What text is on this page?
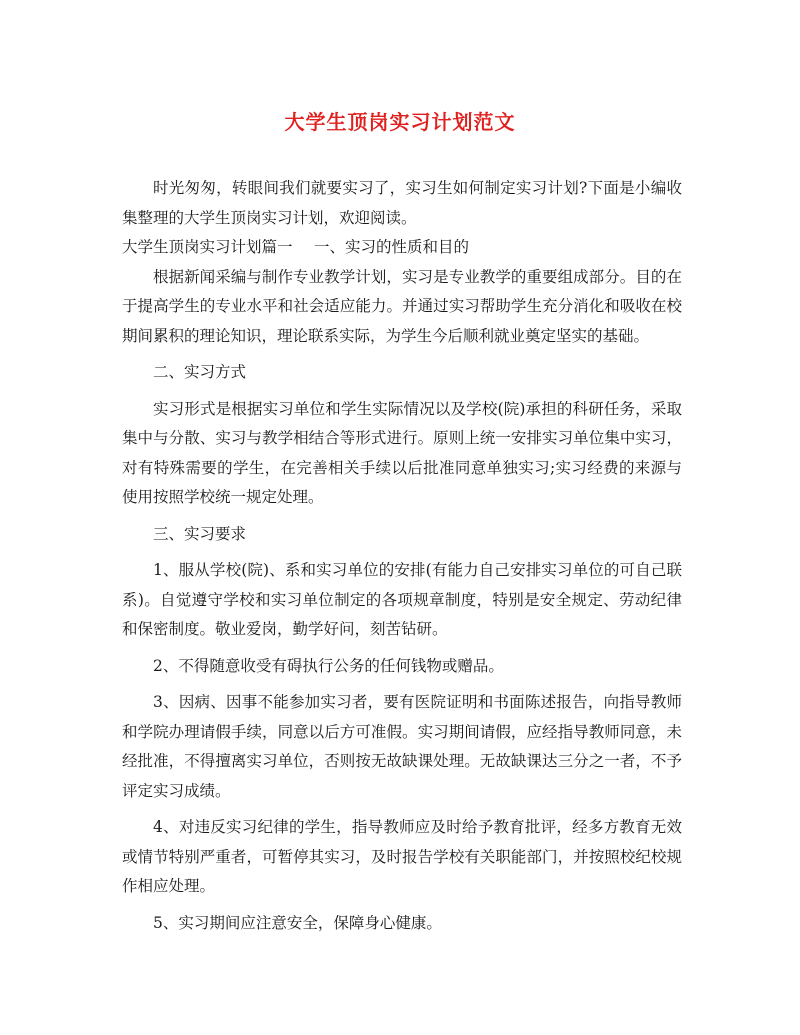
大学生顶岗实习计划范文

时光匆匆，转眼间我们就要实习了，实习生如何制定实习计划?下面是小编收集整理的大学生顶岗实习计划，欢迎阅读。

大学生顶岗实习计划篇一	一、实习的性质和目的

根据新闻采编与制作专业教学计划，实习是专业教学的重要组成部分。目的在于提高学生的专业水平和社会适应能力。并通过实习帮助学生充分消化和吸收在校期间累积的理论知识，理论联系实际，为学生今后顺利就业奠定坚实的基础。

二、实习方式

实习形式是根据实习单位和学生实际情况以及学校(院)承担的科研任务，采取集中与分散、实习与教学相结合等形式进行。原则上统一安排实习单位集中实习，对有特殊需要的学生，在完善相关手续以后批准同意单独实习;实习经费的来源与使用按照学校统一规定处理。

三、实习要求

1、服从学校(院)、系和实习单位的安排(有能力自己安排实习单位的可自己联系)。自觉遵守学校和实习单位制定的各项规章制度，特别是安全规定、劳动纪律和保密制度。敬业爱岗，勤学好问，刻苦钻研。

2、不得随意收受有碍执行公务的任何钱物或赠品。

3、因病、因事不能参加实习者，要有医院证明和书面陈述报告，向指导教师和学院办理请假手续，同意以后方可准假。实习期间请假，应经指导教师同意，未经批准，不得擅离实习单位，否则按无故缺课处理。无故缺课达三分之一者，不予评定实习成绩。

4、对违反实习纪律的学生，指导教师应及时给予教育批评，经多方教育无效或情节特别严重者，可暂停其实习，及时报告学校有关职能部门，并按照校纪校规作相应处理。

5、实习期间应注意安全，保障身心健康。
